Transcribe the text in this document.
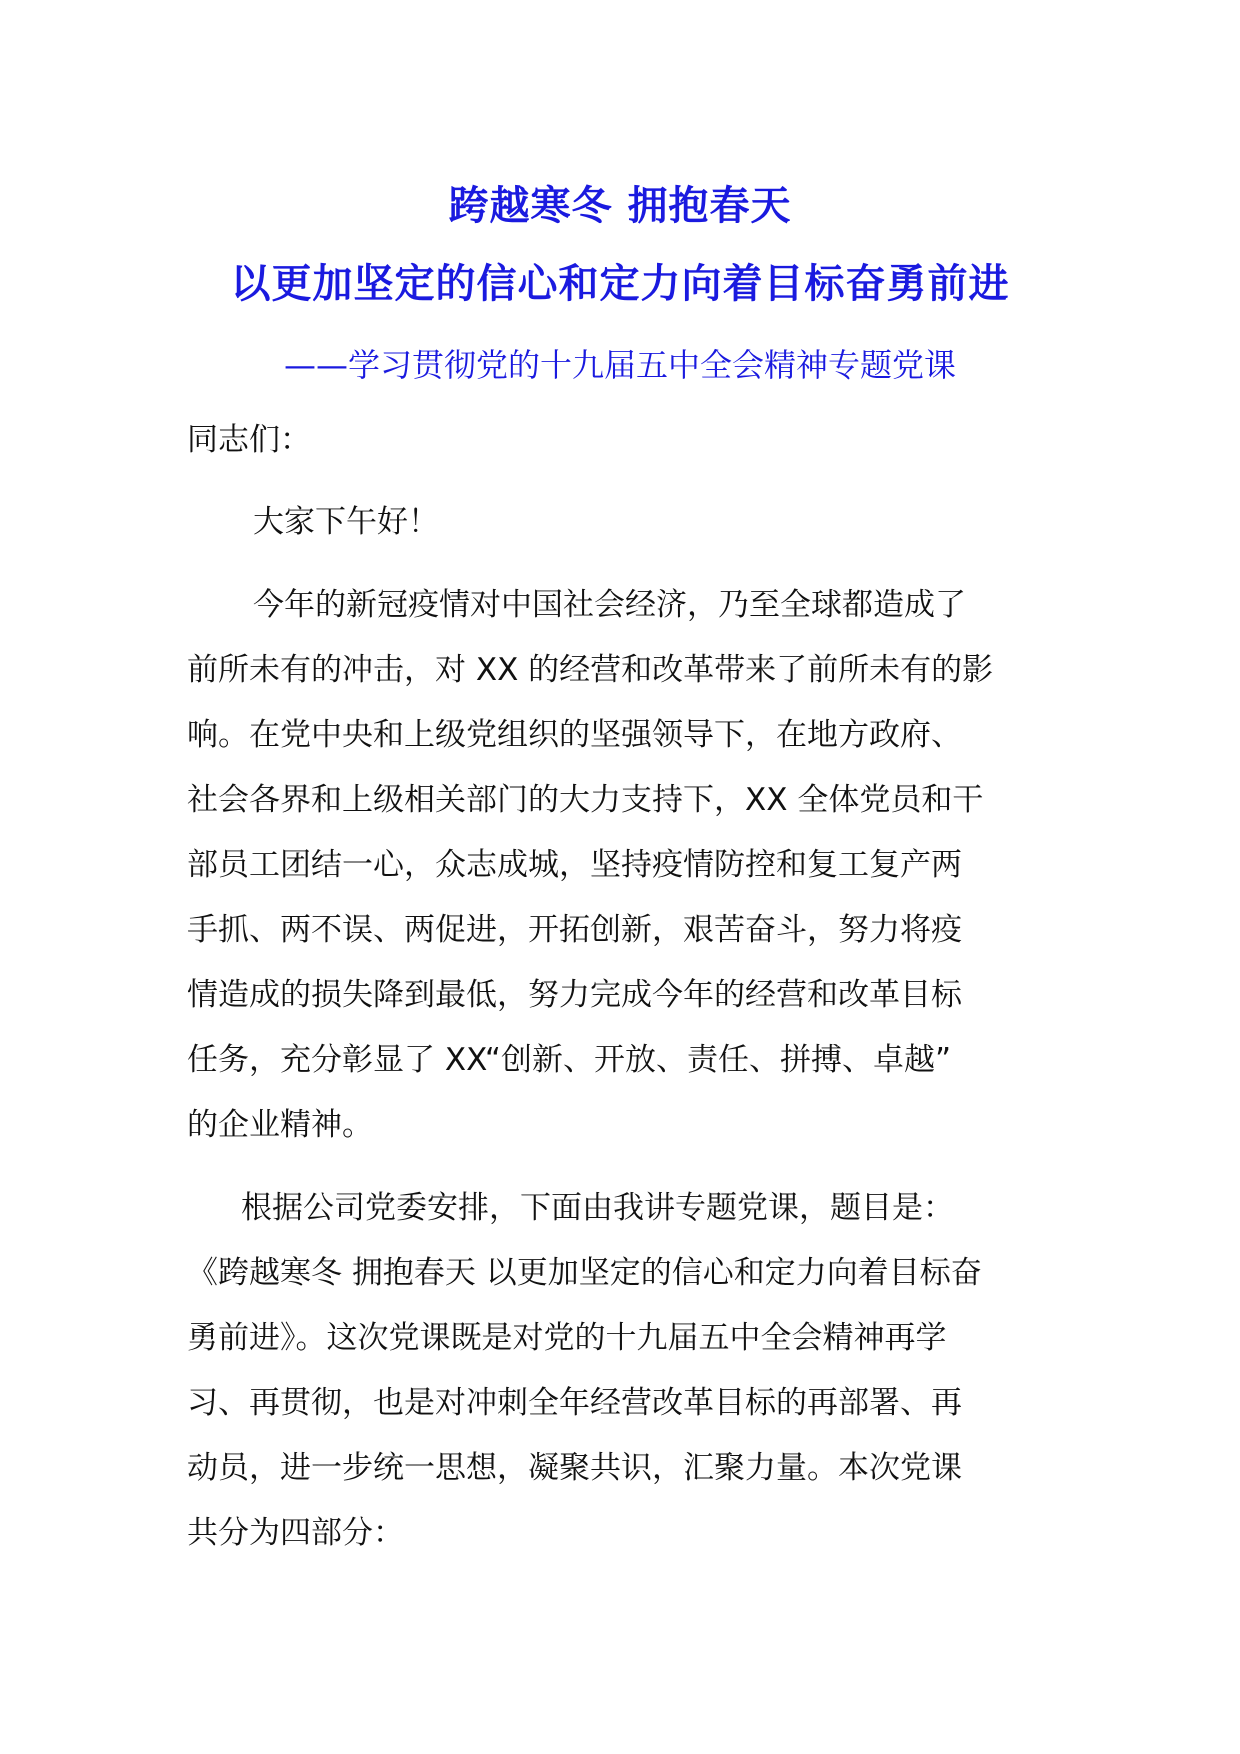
跨越寒冬 拥抱春天
以更加坚定的信心和定力向着目标奋勇前进
——学习贯彻党的十九届五中全会精神专题党课
同志们：
大家下午好！
今年的新冠疫情对中国社会经济，乃至全球都造成了
前所未有的冲击，对 XX 的经营和改革带来了前所未有的影
响。在党中央和上级党组织的坚强领导下，在地方政府、
社会各界和上级相关部门的大力支持下，XX 全体党员和干
部员工团结一心，众志成城，坚持疫情防控和复工复产两
手抓、两不误、两促进，开拓创新，艰苦奋斗，努力将疫
情造成的损失降到最低，努力完成今年的经营和改革目标
任务，充分彰显了 XX“创新、开放、责任、拼搏、卓越”
的企业精神。
根据公司党委安排，下面由我讲专题党课，题目是：
《跨越寒冬 拥抱春天 以更加坚定的信心和定力向着目标奋
勇前进》。这次党课既是对党的十九届五中全会精神再学
习、再贯彻，也是对冲刺全年经营改革目标的再部署、再
动员，进一步统一思想，凝聚共识，汇聚力量。本次党课
共分为四部分：
